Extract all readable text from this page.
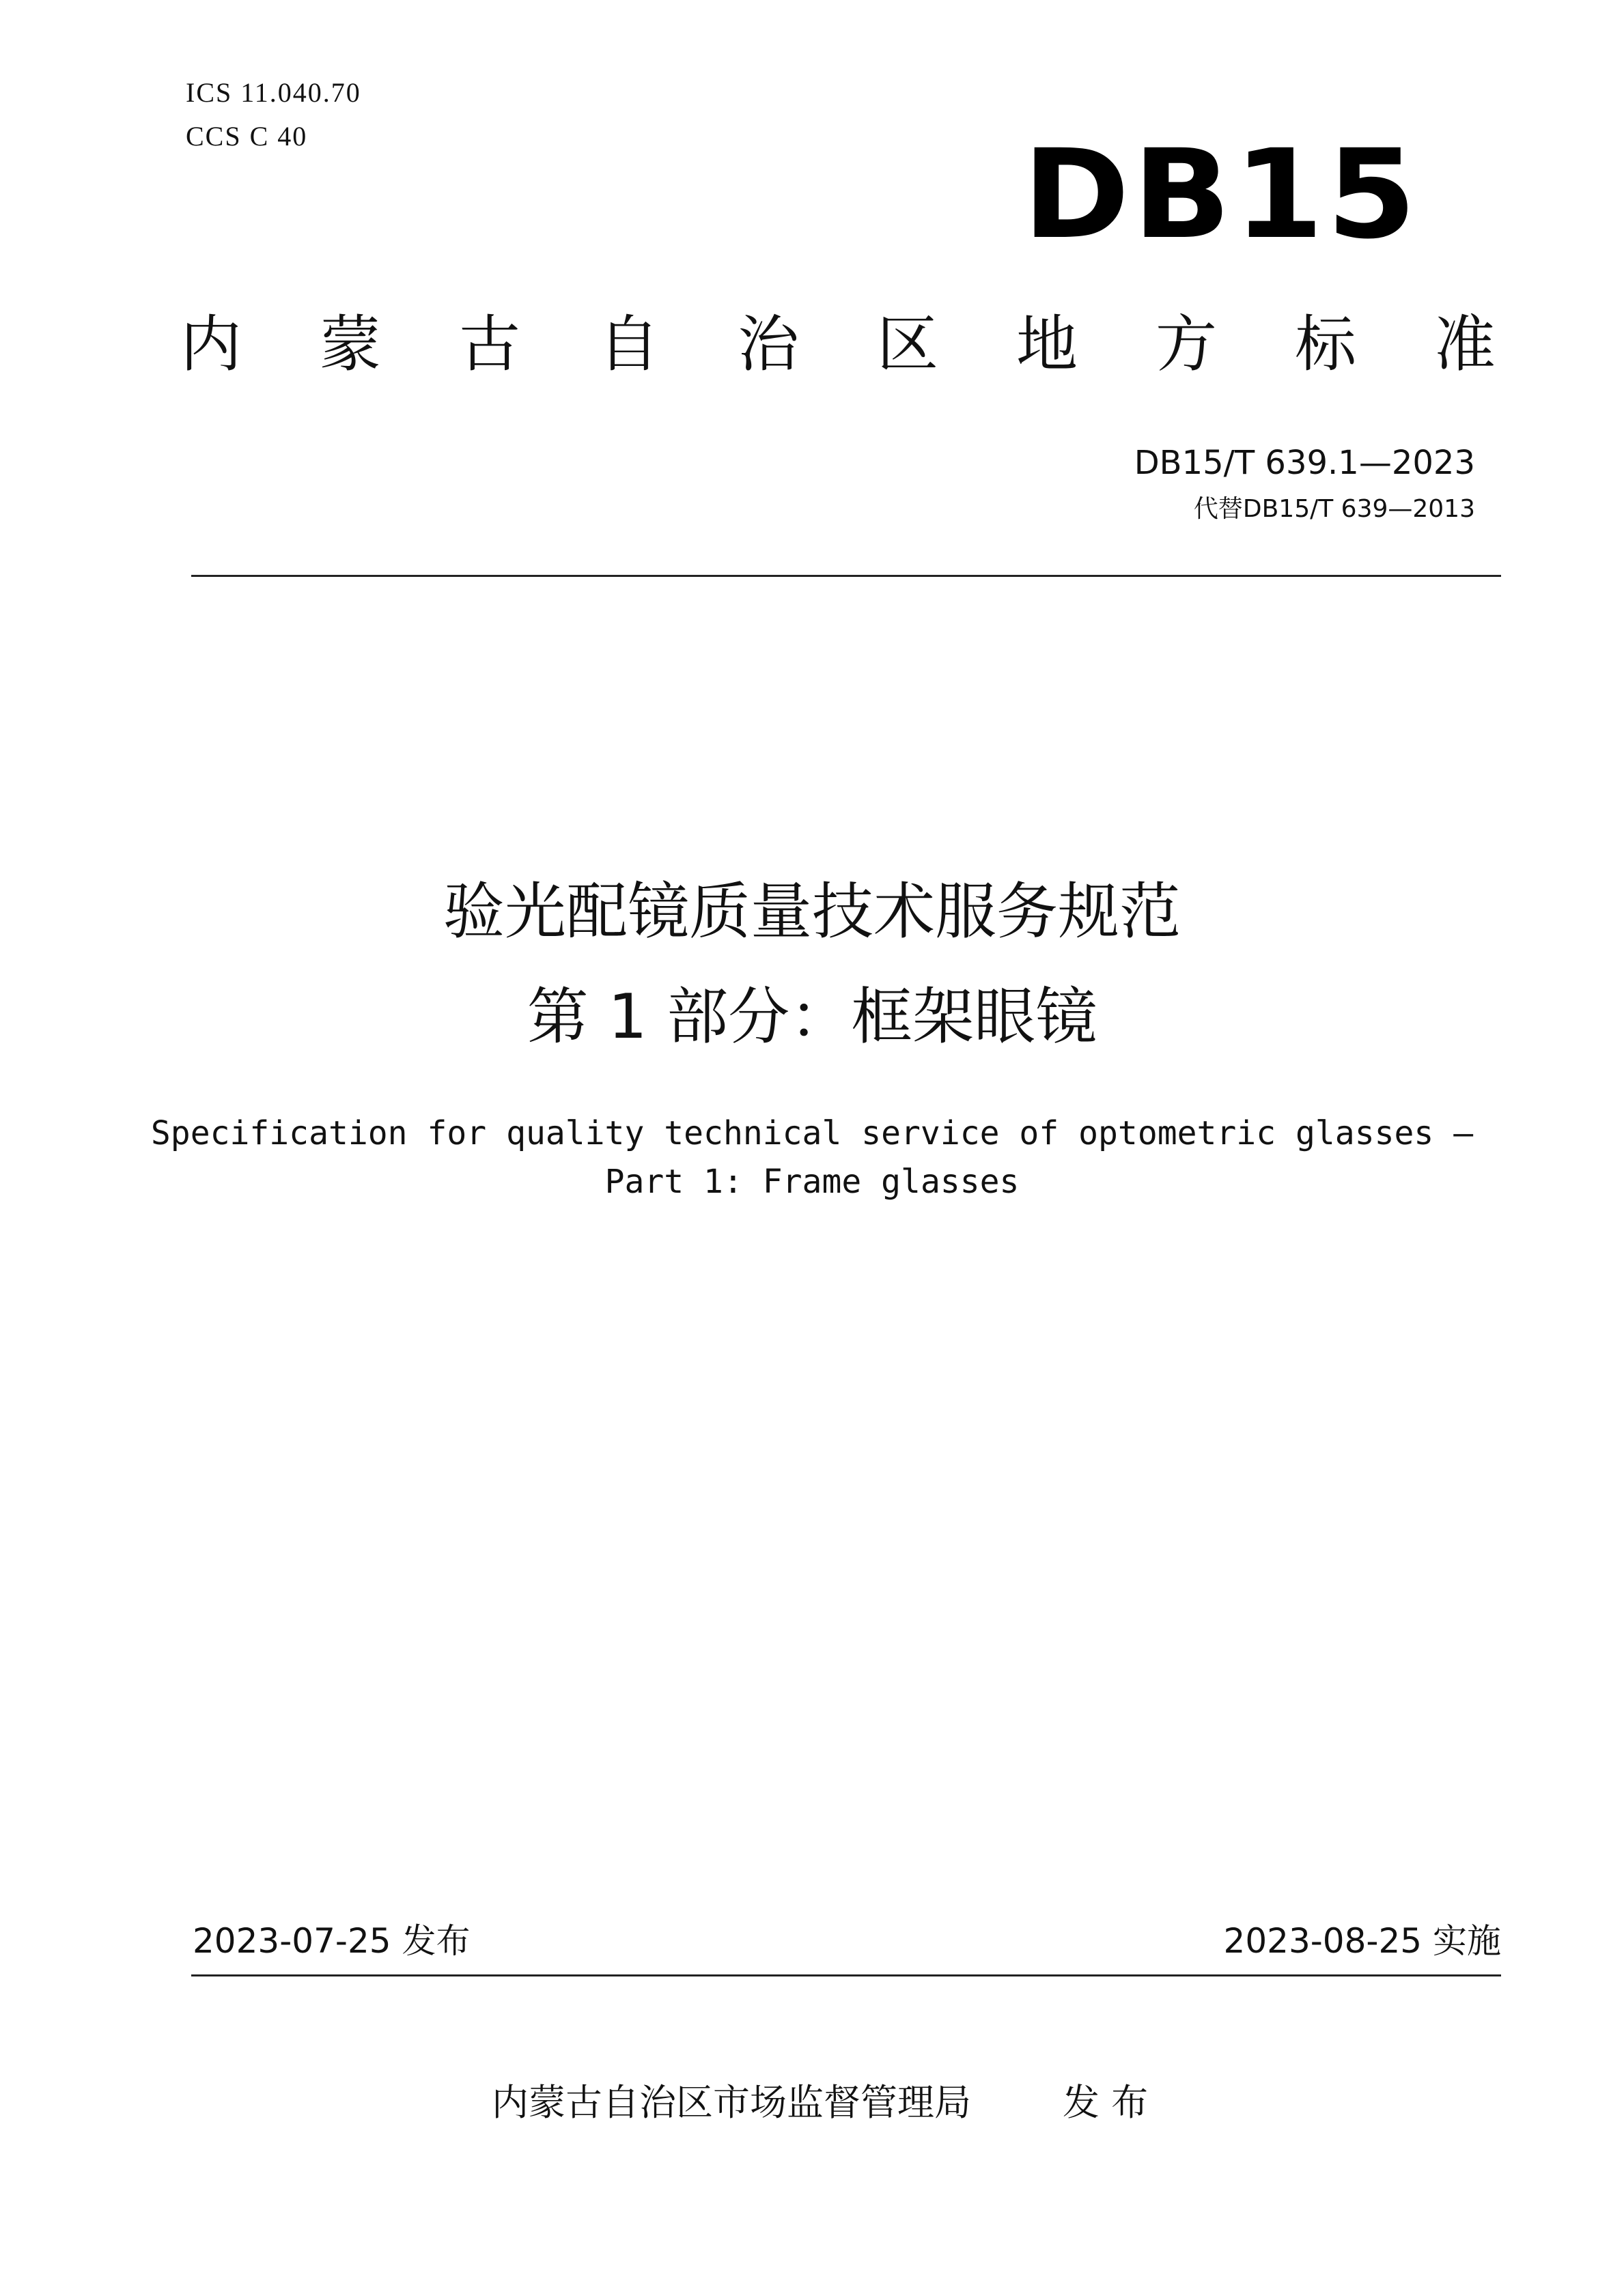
ICS 11.040.70

CCS C 40	DB15
内 蒙 古 自 治 区 地 方 标 准

DB15/T 639.1—2023

代替DB15/T 639—2013

验光配镜质量技术服务规范
第 1 部分：框架眼镜

Specification for quality technical service of optometric glasses —

Part 1: Frame glasses

2023-07-25 发布	2023-08-25 实施

内蒙古自治区市场监督管理局 发 布
